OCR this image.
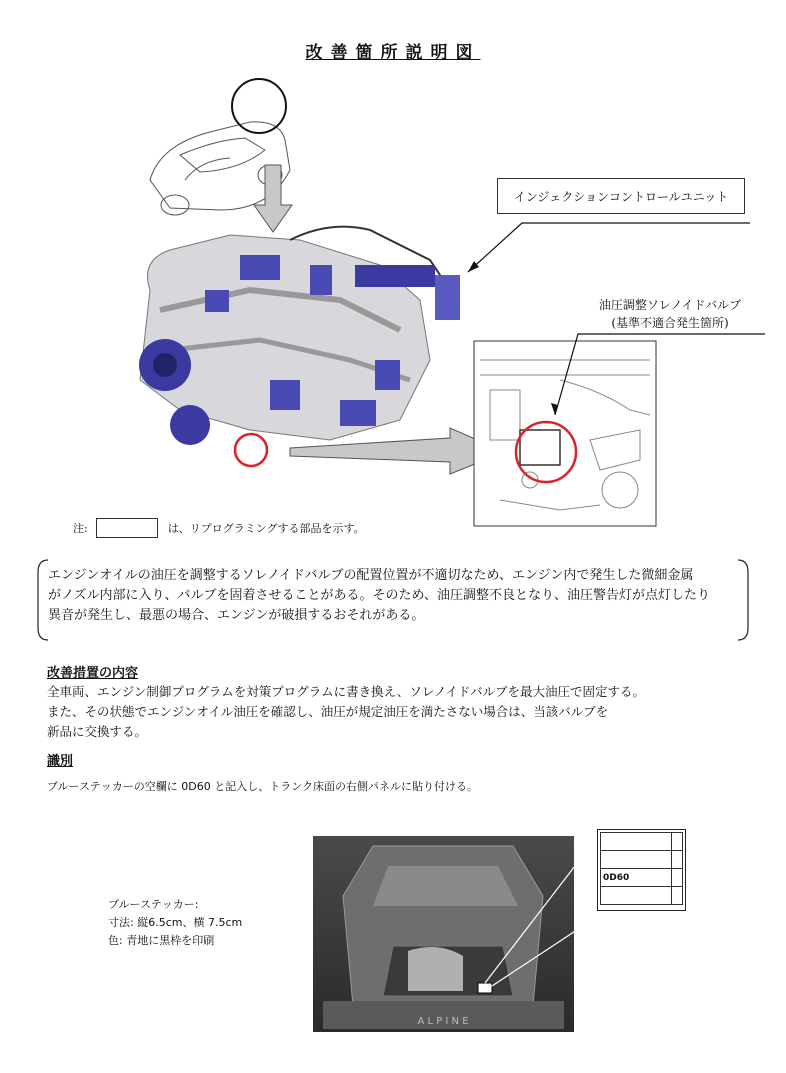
改善箇所説明図
インジェクションコントロールユニット
油圧調整ソレノイドバルブ
(基準不適合発生箇所)
注:	は、リプログラミングする部品を示す。
エンジンオイルの油圧を調整するソレノイドバルブの配置位置が不適切なため、エンジン内で発生した微細金属
がノズル内部に入り、バルブを固着させることがある。そのため、油圧調整不良となり、油圧警告灯が点灯したり
異音が発生し、最悪の場合、エンジンが破損するおそれがある。
改善措置の内容
全車両、エンジン制御プログラムを対策プログラムに書き換え、ソレノイドバルブを最大油圧で固定する。
また、その状態でエンジンオイル油圧を確認し、油圧が規定油圧を満たさない場合は、当該バルブを
新品に交換する。
識別
ブルーステッカーの空欄に 0D60 と記入し、トランク床面の右側パネルに貼り付ける。
ブルーステッカー:
寸法: 縦6.5cm、横 7.5cm
色: 青地に黒枠を印刷
A L P I N E

0D60	
